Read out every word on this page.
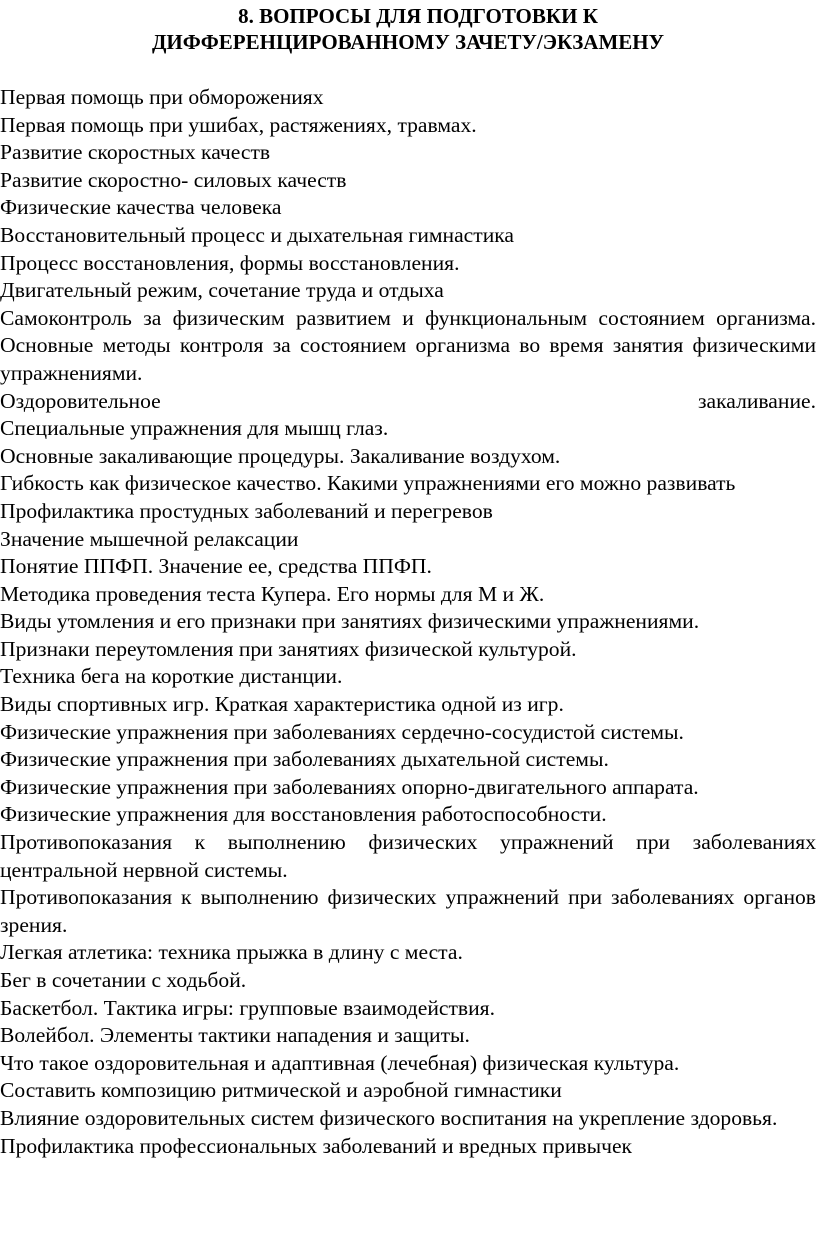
8. ВОПРОСЫ ДЛЯ ПОДГОТОВКИ К
ДИФФЕРЕНЦИРОВАННОМУ ЗАЧЕТУ/ЭКЗАМЕНУ
Первая помощь при обморожениях
Первая помощь при ушибах, растяжениях, травмах.
Развитие скоростных качеств
Развитие скоростно- силовых качеств
Физические качества человека
Восстановительный процесс и дыхательная гимнастика
Процесс восстановления, формы восстановления.
Двигательный режим, сочетание труда и отдыха
Самоконтроль за физическим развитием и функциональным состоянием организма. Основные методы контроля за состоянием организма во время занятия физическими упражнениями.
Оздоровительное закаливание.
Специальные упражнения для мышц глаз.
Основные закаливающие процедуры. Закаливание воздухом.
Гибкость как физическое качество. Какими упражнениями его можно развивать
Профилактика простудных заболеваний и перегревов
Значение мышечной релаксации
Понятие ППФП. Значение ее, средства ППФП.
Методика проведения теста Купера. Его нормы для М и Ж.
Виды утомления и его признаки при занятиях физическими упражнениями.
Признаки переутомления при занятиях физической культурой.
Техника бега на короткие дистанции.
Виды спортивных игр. Краткая характеристика одной из игр.
Физические упражнения при заболеваниях сердечно-сосудистой системы.
Физические упражнения при заболеваниях дыхательной системы.
Физические упражнения при заболеваниях опорно-двигательного аппарата.
Физические упражнения для восстановления работоспособности.
Противопоказания к выполнению физических упражнений при заболеваниях центральной нервной системы.
Противопоказания к выполнению физических упражнений при заболеваниях органов зрения.
Легкая атлетика: техника прыжка в длину с места.
Бег в сочетании с ходьбой.
Баскетбол. Тактика игры: групповые взаимодействия.
Волейбол. Элементы тактики нападения и защиты.
Что такое оздоровительная и адаптивная (лечебная) физическая культура.
Составить композицию ритмической и аэробной гимнастики
Влияние оздоровительных систем физического воспитания на укрепление здоровья.
Профилактика профессиональных заболеваний и вредных привычек
